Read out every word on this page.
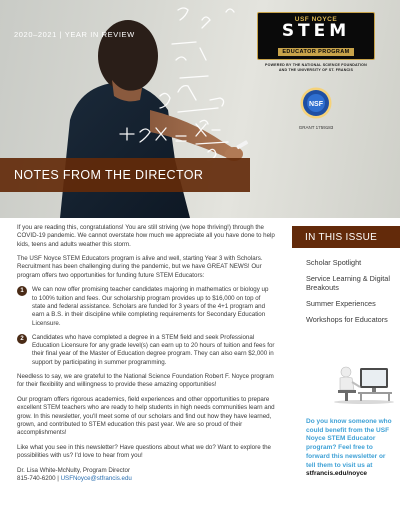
2020–2021 | YEAR IN REVIEW
USF NOYCE
STEM
EDUCATOR PROGRAM
POWERED BY THE NATIONAL SCIENCE FOUNDATION
AND THE UNIVERSITY OF ST. FRANCIS
NSF
GRANT 1759183
NOTES FROM THE DIRECTOR

If you are reading this, congratulations! You are still striving (we hope thriving!) through the COVID-19 pandemic. We cannot overstate how much we appreciate all you have done to help kids, teens and adults weather this storm.

The USF Noyce STEM Educators program is alive and well, starting Year 3 with Scholars. Recruitment has been challenging during the pandemic, but we have GREAT NEWS! Our program offers two opportunities for funding future STEM Educators:

1	We can now offer promising teacher candidates majoring in mathematics or biology up to 100% tuition and fees. Our scholarship program provides up to $16,000 on top of state and federal assistance. Scholars are funded for 3 years of the 4+1 program and earn a B.S. in their discipline while completing requirements for Secondary Education Licensure.
2	Candidates who have completed a degree in a STEM field and seek Professional Education Licensure for any grade level(s) can earn up to 20 hours of tuition and fees for their final year of the Master of Education degree program. They can also earn $2,000 in support by participating in summer programming.

Needless to say, we are grateful to the National Science Foundation Robert F. Noyce program for their flexibility and willingness to provide these amazing opportunities!

Our program offers rigorous academics, field experiences and other opportunities to prepare excellent STEM teachers who are ready to help students in high needs communities learn and grow. In this newsletter, you'll meet some of our scholars and find out how they have learned, grown, and contributed to STEM education this past year. We are so proud of their accomplishments!

Like what you see in this newsletter? Have questions about what we do? Want to explore the possibilities with us? I'd love to hear from you!

Dr. Lisa White-McNulty, Program Director
815-740-6200 | USFNoyce@stfrancis.edu
IN THIS ISSUE
Scholar Spotlight
Service Learning & Digital Breakouts
Summer Experiences
Workshops for Educators
Do you know someone who could benefit from the USF Noyce STEM Educator program? Feel free to forward this newsletter or tell them to visit us at stfrancis.edu/noyce
